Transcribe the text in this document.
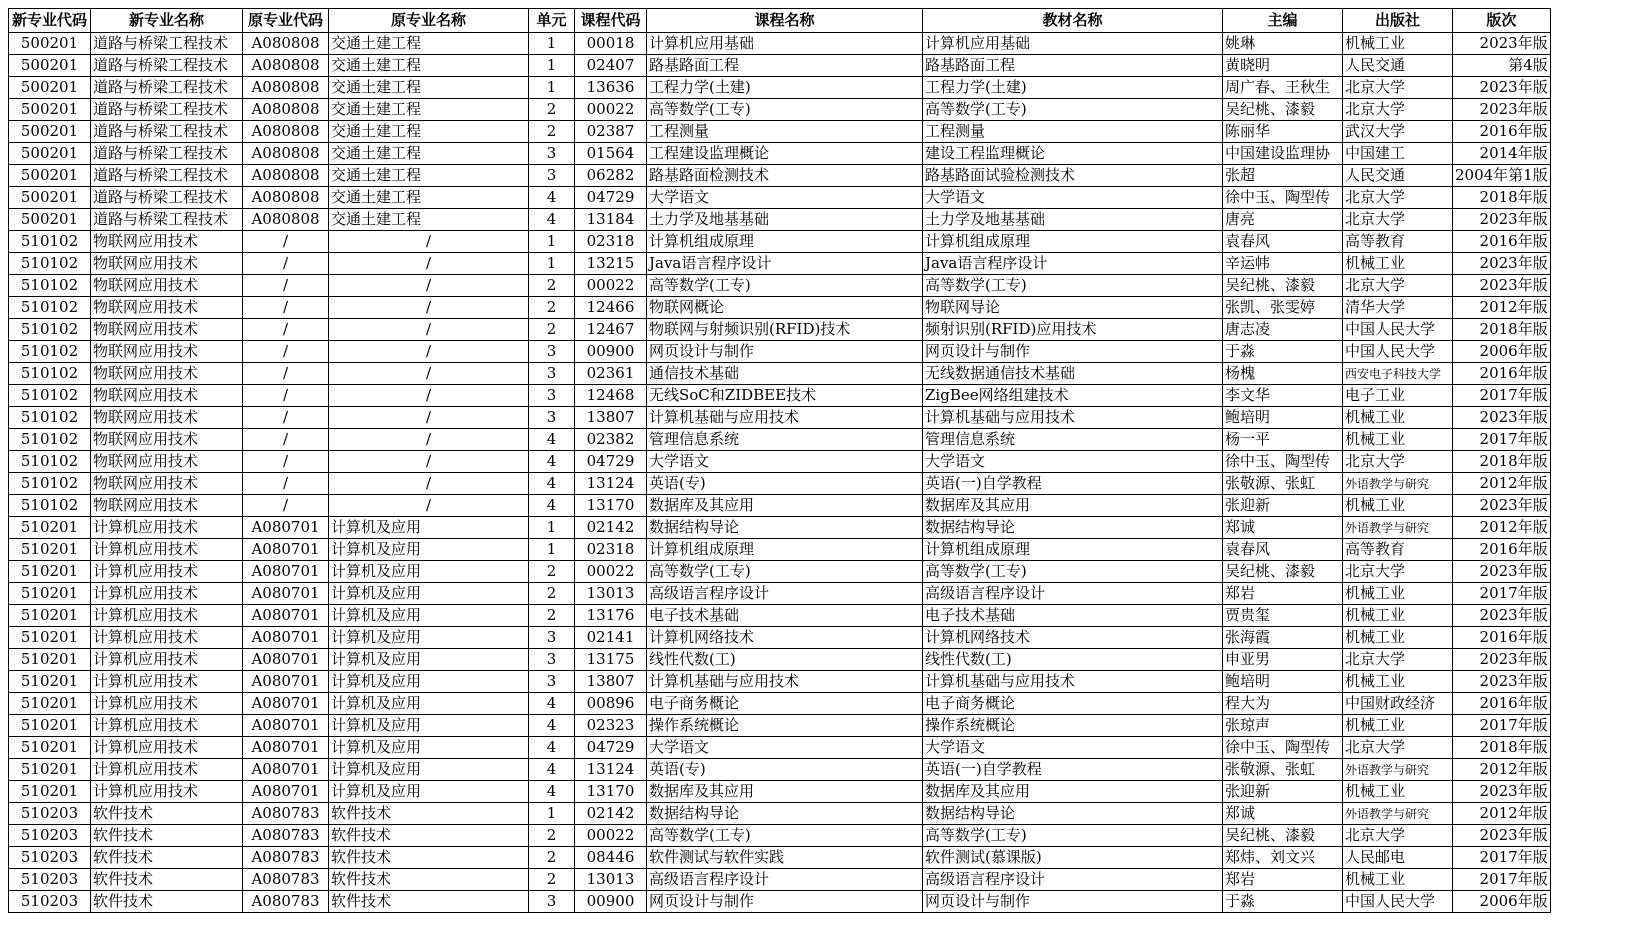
新专业代码	新专业名称	原专业代码	原专业名称	单元	课程代码	课程名称	教材名称	主编	出版社	版次
500201	道路与桥梁工程技术	A080808	交通土建工程	1	00018	计算机应用基础	计算机应用基础	姚琳	机械工业	2023年版
500201	道路与桥梁工程技术	A080808	交通土建工程	1	02407	路基路面工程	路基路面工程	黄晓明	人民交通	第4版
500201	道路与桥梁工程技术	A080808	交通土建工程	1	13636	工程力学(土建)	工程力学(土建)	周广春、王秋生	北京大学	2023年版
500201	道路与桥梁工程技术	A080808	交通土建工程	2	00022	高等数学(工专)	高等数学(工专)	吴纪桃、漆毅	北京大学	2023年版
500201	道路与桥梁工程技术	A080808	交通土建工程	2	02387	工程测量	工程测量	陈丽华	武汉大学	2016年版
500201	道路与桥梁工程技术	A080808	交通土建工程	3	01564	工程建设监理概论	建设工程监理概论	中国建设监理协	中国建工	2014年版
500201	道路与桥梁工程技术	A080808	交通土建工程	3	06282	路基路面检测技术	路基路面试验检测技术	张超	人民交通	2004年第1版
500201	道路与桥梁工程技术	A080808	交通土建工程	4	04729	大学语文	大学语文	徐中玉、陶型传	北京大学	2018年版
500201	道路与桥梁工程技术	A080808	交通土建工程	4	13184	土力学及地基基础	土力学及地基基础	唐亮	北京大学	2023年版
510102	物联网应用技术	/	/	1	02318	计算机组成原理	计算机组成原理	袁春风	高等教育	2016年版
510102	物联网应用技术	/	/	1	13215	Java语言程序设计	Java语言程序设计	辛运帏	机械工业	2023年版
510102	物联网应用技术	/	/	2	00022	高等数学(工专)	高等数学(工专)	吴纪桃、漆毅	北京大学	2023年版
510102	物联网应用技术	/	/	2	12466	物联网概论	物联网导论	张凯、张雯婷	清华大学	2012年版
510102	物联网应用技术	/	/	2	12467	物联网与射频识别(RFID)技术	频射识别(RFID)应用技术	唐志凌	中国人民大学	2018年版
510102	物联网应用技术	/	/	3	00900	网页设计与制作	网页设计与制作	于淼	中国人民大学	2006年版
510102	物联网应用技术	/	/	3	02361	通信技术基础	无线数据通信技术基础	杨槐	西安电子科技大学	2016年版
510102	物联网应用技术	/	/	3	12468	无线SoC和ZIDBEE技术	ZigBee网络组建技术	李文华	电子工业	2017年版
510102	物联网应用技术	/	/	3	13807	计算机基础与应用技术	计算机基础与应用技术	鲍培明	机械工业	2023年版
510102	物联网应用技术	/	/	4	02382	管理信息系统	管理信息系统	杨一平	机械工业	2017年版
510102	物联网应用技术	/	/	4	04729	大学语文	大学语文	徐中玉、陶型传	北京大学	2018年版
510102	物联网应用技术	/	/	4	13124	英语(专)	英语(一)自学教程	张敬源、张虹	外语教学与研究	2012年版
510102	物联网应用技术	/	/	4	13170	数据库及其应用	数据库及其应用	张迎新	机械工业	2023年版
510201	计算机应用技术	A080701	计算机及应用	1	02142	数据结构导论	数据结构导论	郑诚	外语教学与研究	2012年版
510201	计算机应用技术	A080701	计算机及应用	1	02318	计算机组成原理	计算机组成原理	袁春风	高等教育	2016年版
510201	计算机应用技术	A080701	计算机及应用	2	00022	高等数学(工专)	高等数学(工专)	吴纪桃、漆毅	北京大学	2023年版
510201	计算机应用技术	A080701	计算机及应用	2	13013	高级语言程序设计	高级语言程序设计	郑岩	机械工业	2017年版
510201	计算机应用技术	A080701	计算机及应用	2	13176	电子技术基础	电子技术基础	贾贵玺	机械工业	2023年版
510201	计算机应用技术	A080701	计算机及应用	3	02141	计算机网络技术	计算机网络技术	张海霞	机械工业	2016年版
510201	计算机应用技术	A080701	计算机及应用	3	13175	线性代数(工)	线性代数(工)	申亚男	北京大学	2023年版
510201	计算机应用技术	A080701	计算机及应用	3	13807	计算机基础与应用技术	计算机基础与应用技术	鲍培明	机械工业	2023年版
510201	计算机应用技术	A080701	计算机及应用	4	00896	电子商务概论	电子商务概论	程大为	中国财政经济	2016年版
510201	计算机应用技术	A080701	计算机及应用	4	02323	操作系统概论	操作系统概论	张琼声	机械工业	2017年版
510201	计算机应用技术	A080701	计算机及应用	4	04729	大学语文	大学语文	徐中玉、陶型传	北京大学	2018年版
510201	计算机应用技术	A080701	计算机及应用	4	13124	英语(专)	英语(一)自学教程	张敬源、张虹	外语教学与研究	2012年版
510201	计算机应用技术	A080701	计算机及应用	4	13170	数据库及其应用	数据库及其应用	张迎新	机械工业	2023年版
510203	软件技术	A080783	软件技术	1	02142	数据结构导论	数据结构导论	郑诚	外语教学与研究	2012年版
510203	软件技术	A080783	软件技术	2	00022	高等数学(工专)	高等数学(工专)	吴纪桃、漆毅	北京大学	2023年版
510203	软件技术	A080783	软件技术	2	08446	软件测试与软件实践	软件测试(慕课版)	郑炜、刘文兴	人民邮电	2017年版
510203	软件技术	A080783	软件技术	2	13013	高级语言程序设计	高级语言程序设计	郑岩	机械工业	2017年版
510203	软件技术	A080783	软件技术	3	00900	网页设计与制作	网页设计与制作	于淼	中国人民大学	2006年版
